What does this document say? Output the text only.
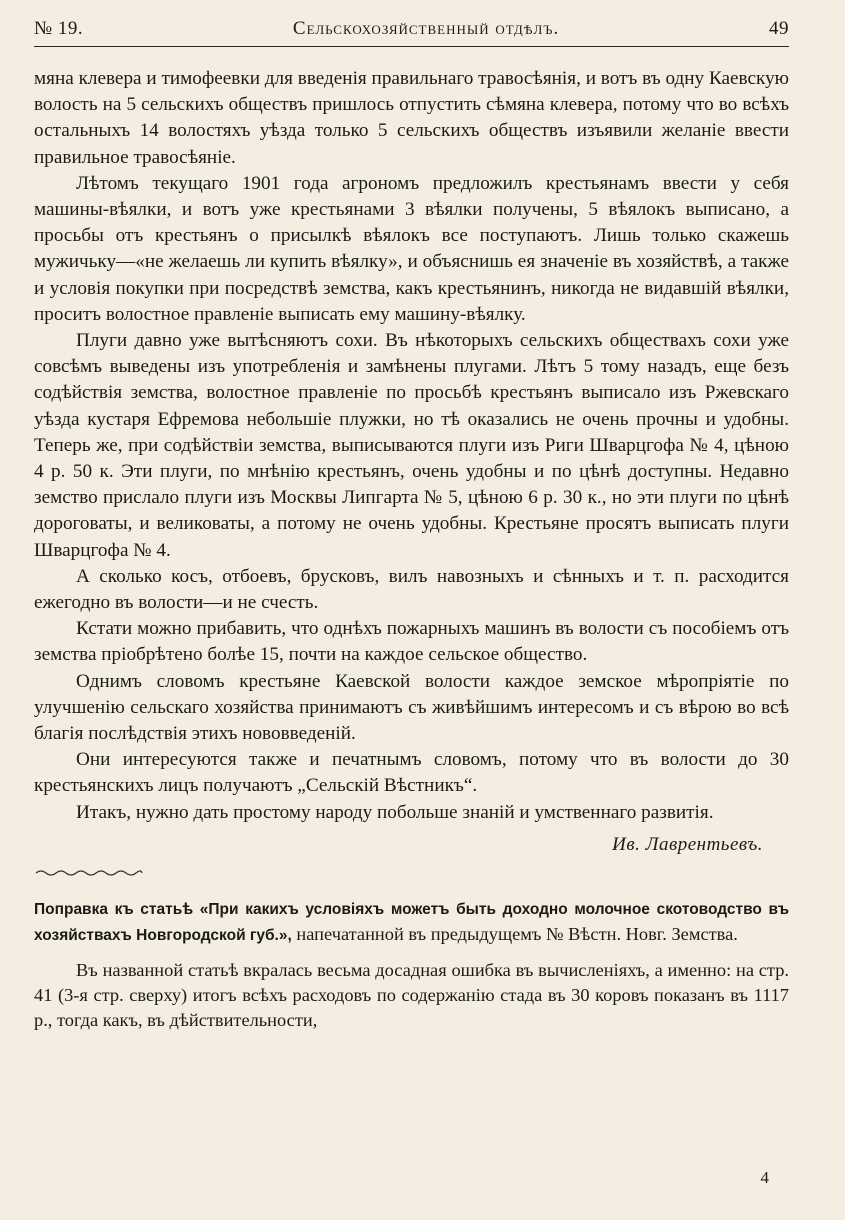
№ 19.	Сельскохозяйственный отдѣлъ.	49

мяна клевера и тимофеевки для введенія правильнаго травосѣянія, и вотъ въ одну Каевскую волость на 5 сельскихъ обществъ пришлось отпустить сѣмяна клевера, потому что во всѣхъ остальныхъ 14 волостяхъ уѣзда только 5 сельскихъ обществъ изъявили желаніе ввести правильное травосѣяніе.

Лѣтомъ текущаго 1901 года агрономъ предложилъ крестьянамъ ввести у себя машины-вѣялки, и вотъ уже крестьянами 3 вѣялки получены, 5 вѣялокъ выписано, а просьбы отъ крестьянъ о присылкѣ вѣялокъ все поступаютъ. Лишь только скажешь мужичьку—«не желаешь ли купить вѣялку», и объяснишь ея значеніе въ хозяйствѣ, а также и условія покупки при посредствѣ земства, какъ крестьянинъ, никогда не видавшій вѣялки, проситъ волостное правленіе выписать ему машину-вѣялку.

Плуги давно уже вытѣсняютъ сохи. Въ нѣкоторыхъ сельскихъ обществахъ сохи уже совсѣмъ выведены изъ употребленія и замѣнены плугами. Лѣтъ 5 тому назадъ, еще безъ содѣйствія земства, волостное правленіе по просьбѣ крестьянъ выписало изъ Ржевскаго уѣзда кустаря Ефремова небольшіе плужки, но тѣ оказались не очень прочны и удобны. Теперь же, при содѣйствіи земства, выписываются плуги изъ Риги Шварцгофа № 4, цѣною 4 р. 50 к. Эти плуги, по мнѣнію крестьянъ, очень удобны и по цѣнѣ доступны. Недавно земство прислало плуги изъ Москвы Липгарта № 5, цѣною 6 р. 30 к., но эти плуги по цѣнѣ дороговаты, и великоваты, а потому не очень удобны. Крестьяне просятъ выписать плуги Шварцгофа № 4.

А сколько косъ, отбоевъ, брусковъ, вилъ навозныхъ и сѣнныхъ и т. п. расходится ежегодно въ волости—и не счесть.

Кстати можно прибавить, что однѣхъ пожарныхъ машинъ въ волости съ пособіемъ отъ земства пріобрѣтено болѣе 15, почти на каждое сельское общество.

Однимъ словомъ крестьяне Каевской волости каждое земское мѣропріятіе по улучшенію сельскаго хозяйства принимаютъ съ живѣйшимъ интересомъ и съ вѣрою во всѣ благія послѣдствія этихъ нововведеній.

Они интересуются также и печатнымъ словомъ, потому что въ волости до 30 крестьянскихъ лицъ получаютъ „Сельскій Вѣстникъ“.

Итакъ, нужно дать простому народу побольше знаній и умственнаго развитія.

Ив. Лаврентьевъ.
Поправка къ статьѣ «При какихъ условіяхъ можетъ быть доходно молочное скотоводство въ хозяйствахъ Новгородской губ.», напечатанной въ предыдущемъ № Вѣстн. Новг. Земства.

Въ названной статьѣ вкралась весьма досадная ошибка въ вычисленіяхъ, а именно: на стр. 41 (3-я стр. сверху) итогъ всѣхъ расходовъ по содержанію стада въ 30 коровъ показанъ въ 1117 р., тогда какъ, въ дѣйствительности,

4
